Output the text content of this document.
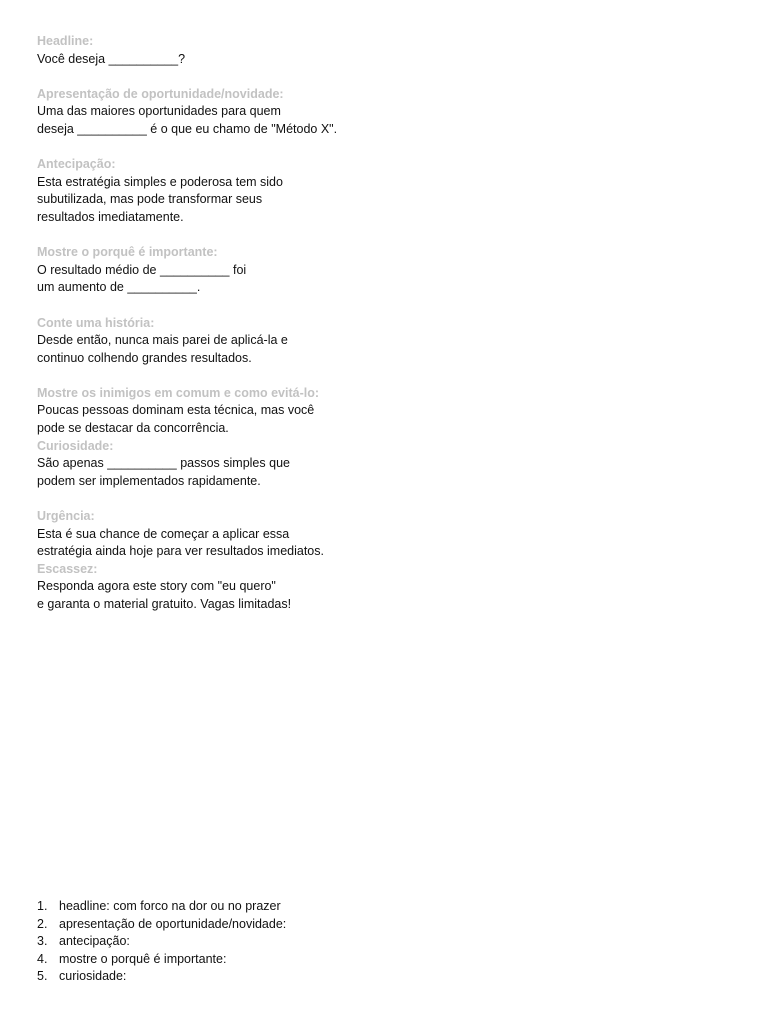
Headline:
Você deseja __________?
Apresentação de oportunidade/novidade:
Uma das maiores oportunidades para quem
deseja __________ é o que eu chamo de "Método X".
Antecipação:
Esta estratégia simples e poderosa tem sido
subutilizada, mas pode transformar seus
resultados imediatamente.
Mostre o porquê é importante:
O resultado médio de __________ foi
um aumento de __________.
Conte uma história:
Desde então, nunca mais parei de aplicá-la e
continuo colhendo grandes resultados.
Mostre os inimigos em comum e como evitá-lo:
Poucas pessoas dominam esta técnica, mas você
pode se destacar da concorrência.
Curiosidade:
São apenas __________ passos simples que
podem ser implementados rapidamente.
Urgência:
Esta é sua chance de começar a aplicar essa
estratégia ainda hoje para ver resultados imediatos.
Escassez:
Responda agora este story com "eu quero"
e garanta o material gratuito. Vagas limitadas!
1. headline: com forco na dor ou no prazer
2. apresentação de oportunidade/novidade:
3. antecipação:
4. mostre o porquê é importante:
5. curiosidade:
